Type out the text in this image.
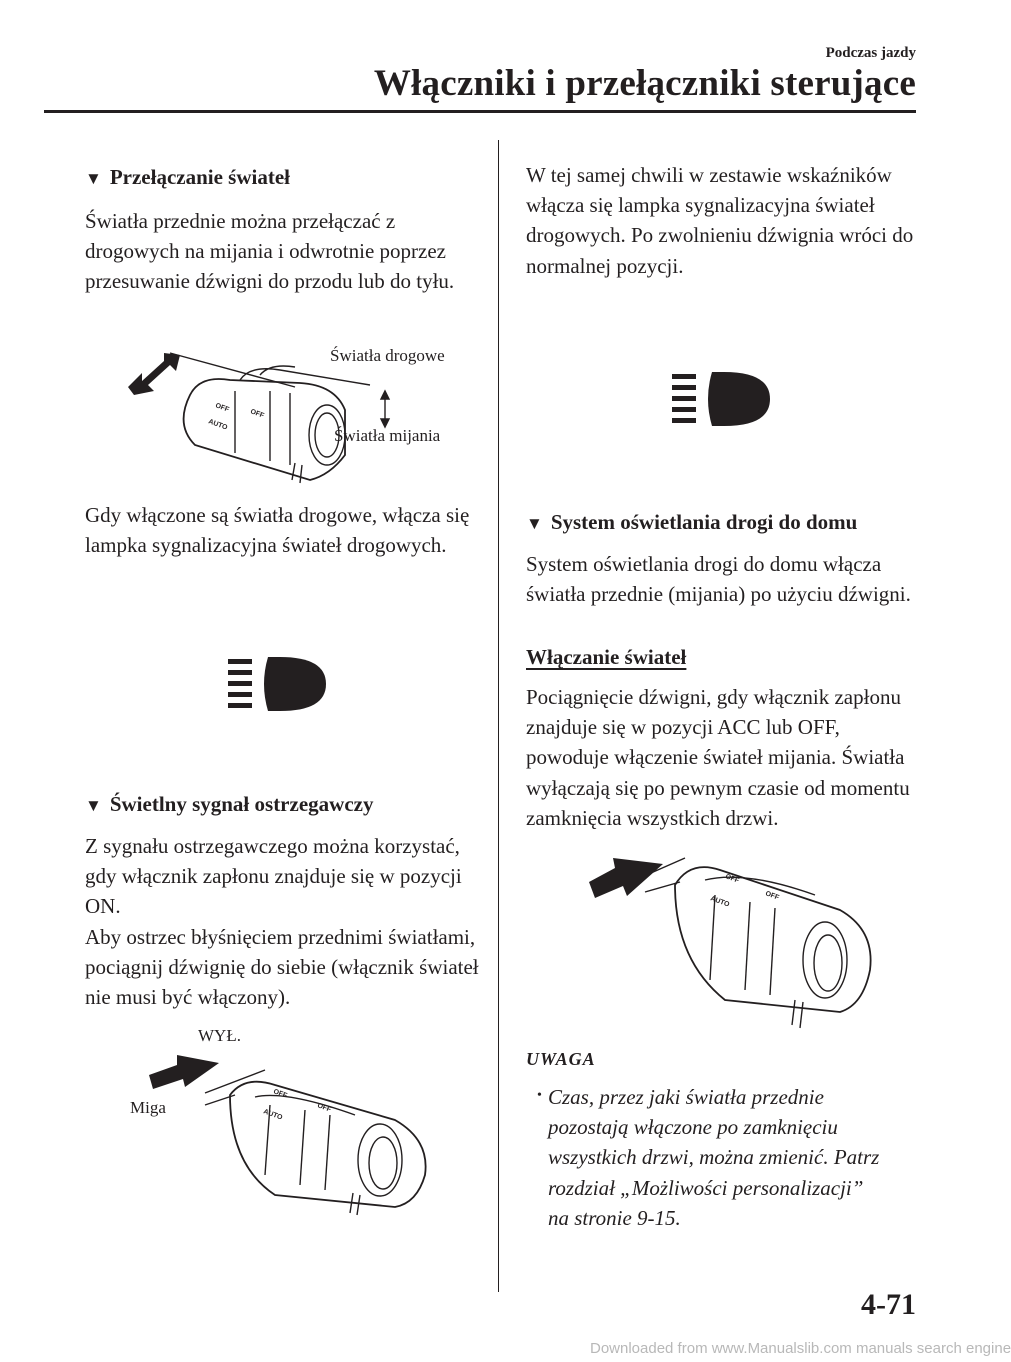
Podczas jazdy
Włączniki i przełączniki sterujące
▼ Przełączanie świateł

Światła przednie można przełączać z drogowych na mijania i odwrotnie poprzez przesuwanie dźwigni do przodu lub do tyłu.

OFF
OFF
AUTO
Światła drogowe
Światła mijania

Gdy włączone są światła drogowe, włącza się lampka sygnalizacyjna świateł drogowych.

▼ Świetlny sygnał ostrzegawczy

Z sygnału ostrzegawczego można korzystać, gdy włącznik zapłonu znajduje się w pozycji ON.

Aby ostrzec błyśnięciem przednimi światłami, pociągnij dźwignię do siebie (włącznik świateł nie musi być włączony).

OFF
OFF
AUTO
WYŁ.
Miga

W tej samej chwili w zestawie wskaźników włącza się lampka sygnalizacyjna świateł drogowych. Po zwolnieniu dźwignia wróci do normalnej pozycji.

▼ System oświetlania drogi do domu

System oświetlania drogi do domu włącza światła przednie (mijania) po użyciu dźwigni.

Włączanie świateł

Pociągnięcie dźwigni, gdy włącznik zapłonu znajduje się w pozycji ACC lub OFF, powoduje włączenie świateł mijania. Światła wyłączają się po pewnym czasie od momentu zamknięcia wszystkich drzwi.

OFF
OFF
AUTO
UWAGA
• Czas, przez jaki światła przednie pozostają włączone po zamknięciu wszystkich drzwi, można zmienić. Patrz rozdział „Możliwości personalizacji” na stronie 9-15.

4-71
Downloaded from www.Manualslib.com manuals search engine
